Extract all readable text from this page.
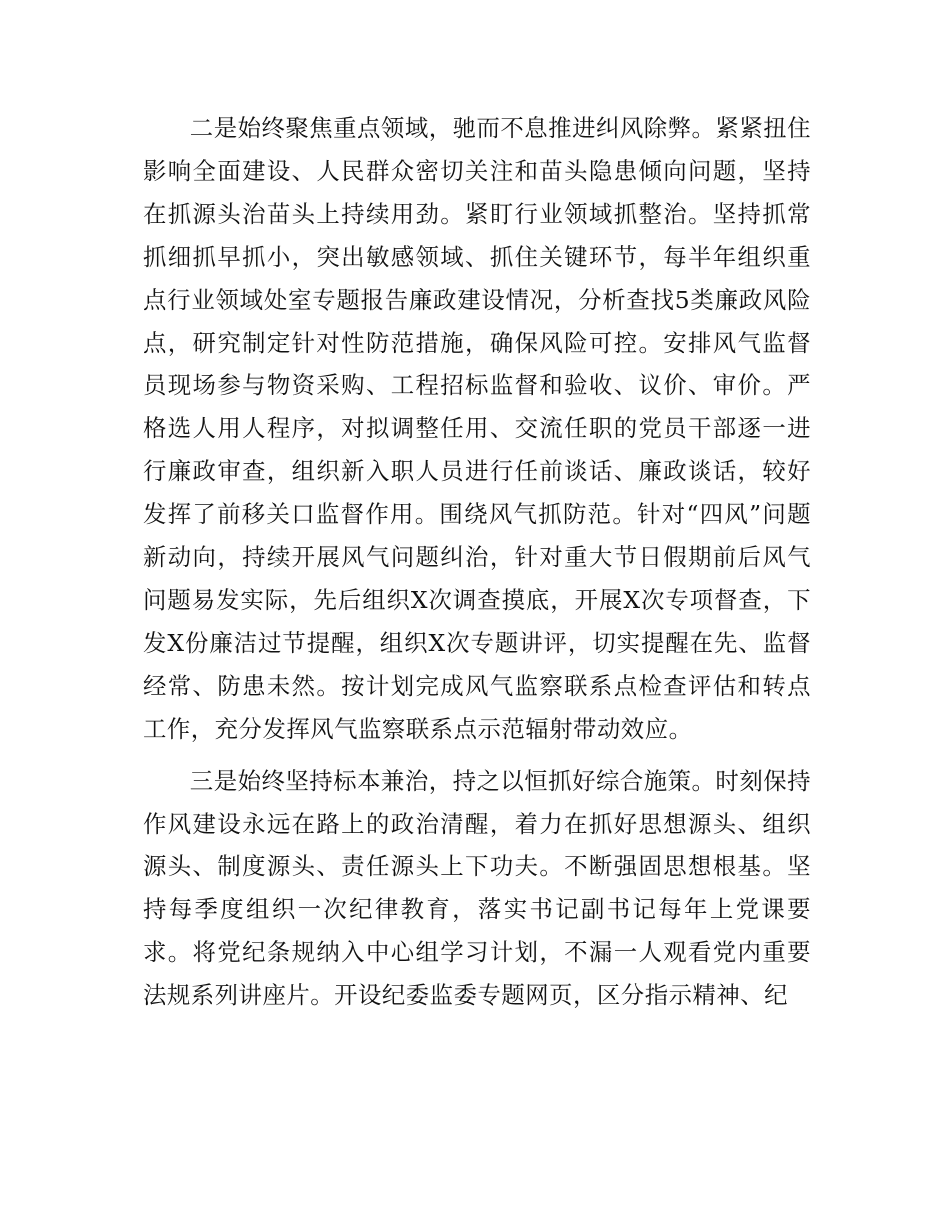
二是始终聚焦重点领域，驰而不息推进纠风除弊。紧紧扭住影响全面建设、人民群众密切关注和苗头隐患倾向问题，坚持在抓源头治苗头上持续用劲。紧盯行业领域抓整治。坚持抓常抓细抓早抓小，突出敏感领域、抓住关键环节，每半年组织重点行业领域处室专题报告廉政建设情况，分析查找5类廉政风险点，研究制定针对性防范措施，确保风险可控。安排风气监督员现场参与物资采购、工程招标监督和验收、议价、审价。严格选人用人程序，对拟调整任用、交流任职的党员干部逐一进行廉政审查，组织新入职人员进行任前谈话、廉政谈话，较好发挥了前移关口监督作用。围绕风气抓防范。针对“四风”问题新动向，持续开展风气问题纠治，针对重大节日假期前后风气问题易发实际，先后组织X次调查摸底，开展X次专项督查，下发X份廉洁过节提醒，组织X次专题讲评，切实提醒在先、监督经常、防患未然。按计划完成风气监察联系点检查评估和转点工作，充分发挥风气监察联系点示范辐射带动效应。

三是始终坚持标本兼治，持之以恒抓好综合施策。时刻保持作风建设永远在路上的政治清醒，着力在抓好思想源头、组织源头、制度源头、责任源头上下功夫。不断强固思想根基。坚持每季度组织一次纪律教育，落实书记副书记每年上党课要求。将党纪条规纳入中心组学习计划，不漏一人观看党内重要法规系列讲座片。开设纪委监委专题网页，区分指示精神、纪
